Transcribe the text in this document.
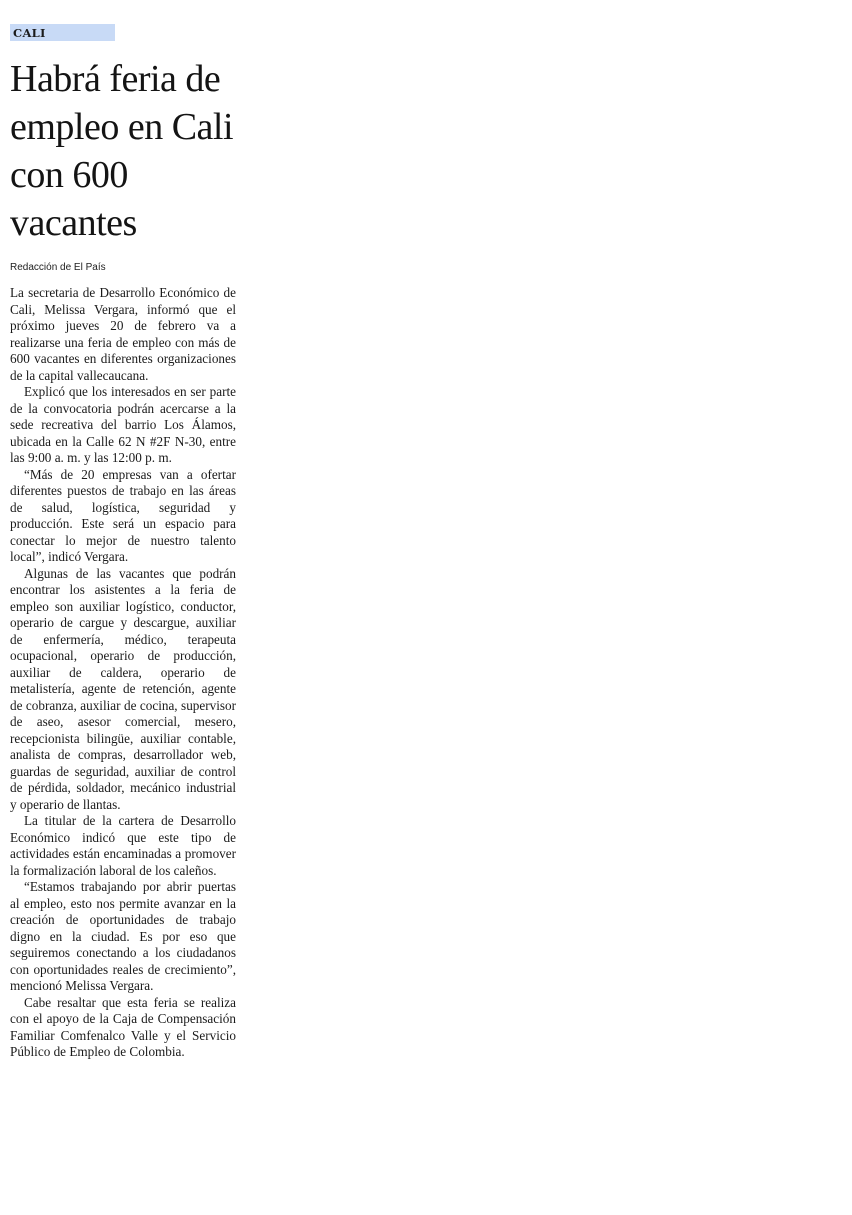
CALI
Habrá feria de empleo en Cali con 600 vacantes
Redacción de El País

La secretaria de Desarrollo Económico de Cali, Melissa Vergara, informó que el próximo jueves 20 de febrero va a realizarse una feria de empleo con más de 600 vacantes en diferentes organizaciones de la capital vallecaucana.

Explicó que los interesados en ser parte de la convocatoria podrán acercarse a la sede recreativa del barrio Los Álamos, ubicada en la Calle 62 N #2F N-30, entre las 9:00 a. m. y las 12:00 p. m.

“Más de 20 empresas van a ofertar diferentes puestos de trabajo en las áreas de salud, logística, seguridad y producción. Este será un espacio para conectar lo mejor de nuestro talento local”, indicó Vergara.

Algunas de las vacantes que podrán encontrar los asistentes a la feria de empleo son auxiliar logístico, conductor, operario de cargue y descargue, auxiliar de enfermería, médico, terapeuta ocupacional, operario de producción, auxiliar de caldera, operario de metalistería, agente de retención, agente de cobranza, auxiliar de cocina, supervisor de aseo, asesor comercial, mesero, recepcionista bilingüe, auxiliar contable, analista de compras, desarrollador web, guardas de seguridad, auxiliar de control de pérdida, soldador, mecánico industrial y operario de llantas.

La titular de la cartera de Desarrollo Económico indicó que este tipo de actividades están encaminadas a promover la formalización laboral de los caleños.

“Estamos trabajando por abrir puertas al empleo, esto nos permite avanzar en la creación de oportunidades de trabajo digno en la ciudad. Es por eso que seguiremos conectando a los ciudadanos con oportunidades reales de crecimiento”, mencionó Melissa Vergara.

Cabe resaltar que esta feria se realiza con el apoyo de la Caja de Compensación Familiar Comfenalco Valle y el Servicio Público de Empleo de Colombia.
